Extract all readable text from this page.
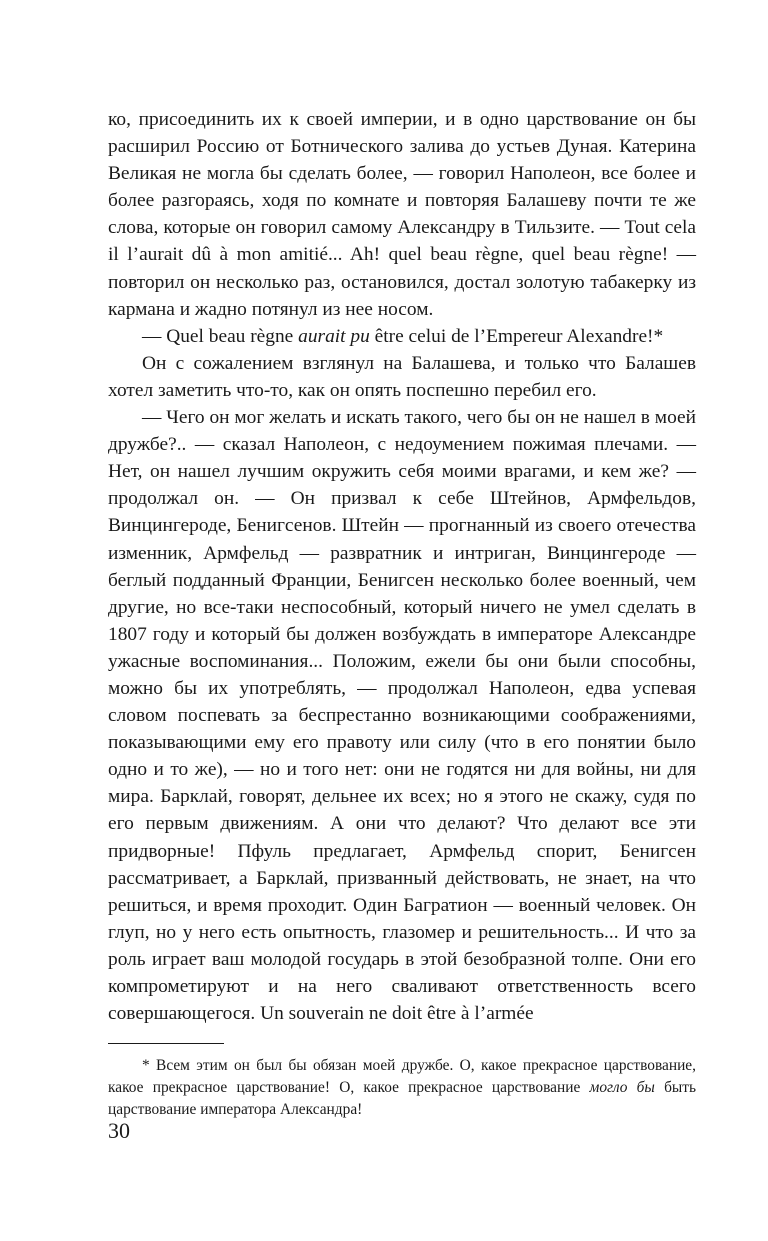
ко, присоединить их к своей империи, и в одно царствование он бы расширил Россию от Ботнического залива до устьев Дуная. Катерина Великая не могла бы сделать более, — говорил Наполеон, все более и более разгораясь, ходя по комнате и повторяя Балашеву почти те же слова, которые он говорил самому Александру в Тильзите. — Tout cela il l’aurait dû à mon amitié... Ah! quel beau règne, quel beau règne! — повторил он несколько раз, остановился, достал золотую табакерку из кармана и жадно потянул из нее носом.

— Quel beau règne aurait pu être celui de l’Empereur Alexandre!*

Он с сожалением взглянул на Балашева, и только что Балашев хотел заметить что-то, как он опять поспешно перебил его.

— Чего он мог желать и искать такого, чего бы он не нашел в моей дружбе?.. — сказал Наполеон, с недоумением пожимая плечами. — Нет, он нашел лучшим окружить себя моими врагами, и кем же? — продолжал он. — Он призвал к себе Штейнов, Армфельдов, Винцингероде, Бенигсенов. Штейн — прогнанный из своего отечества изменник, Армфельд — развратник и интриган, Винцингероде — беглый подданный Франции, Бенигсен несколько более военный, чем другие, но все-таки неспособный, который ничего не умел сделать в 1807 году и который бы должен возбуждать в императоре Александре ужасные воспоминания... Положим, ежели бы они были способны, можно бы их употреблять, — продолжал Наполеон, едва успевая словом поспевать за беспрестанно возникающими соображениями, показывающими ему его правоту или силу (что в его понятии было одно и то же), — но и того нет: они не годятся ни для войны, ни для мира. Барклай, говорят, дельнее их всех; но я этого не скажу, судя по его первым движениям. А они что делают? Что делают все эти придворные! Пфуль предлагает, Армфельд спорит, Бенигсен рассматривает, а Барклай, призванный действовать, не знает, на что решиться, и время проходит. Один Багратион — военный человек. Он глуп, но у него есть опытность, глазомер и решительность... И что за роль играет ваш молодой государь в этой безобразной толпе. Они его компрометируют и на него сваливают ответственность всего совершающегося. Un souverain ne doit être à l’armée

* Всем этим он был бы обязан моей дружбе. О, какое прекрасное царствование, какое прекрасное царствование! О, какое прекрасное царствование могло бы быть царствование императора Александра!

30
